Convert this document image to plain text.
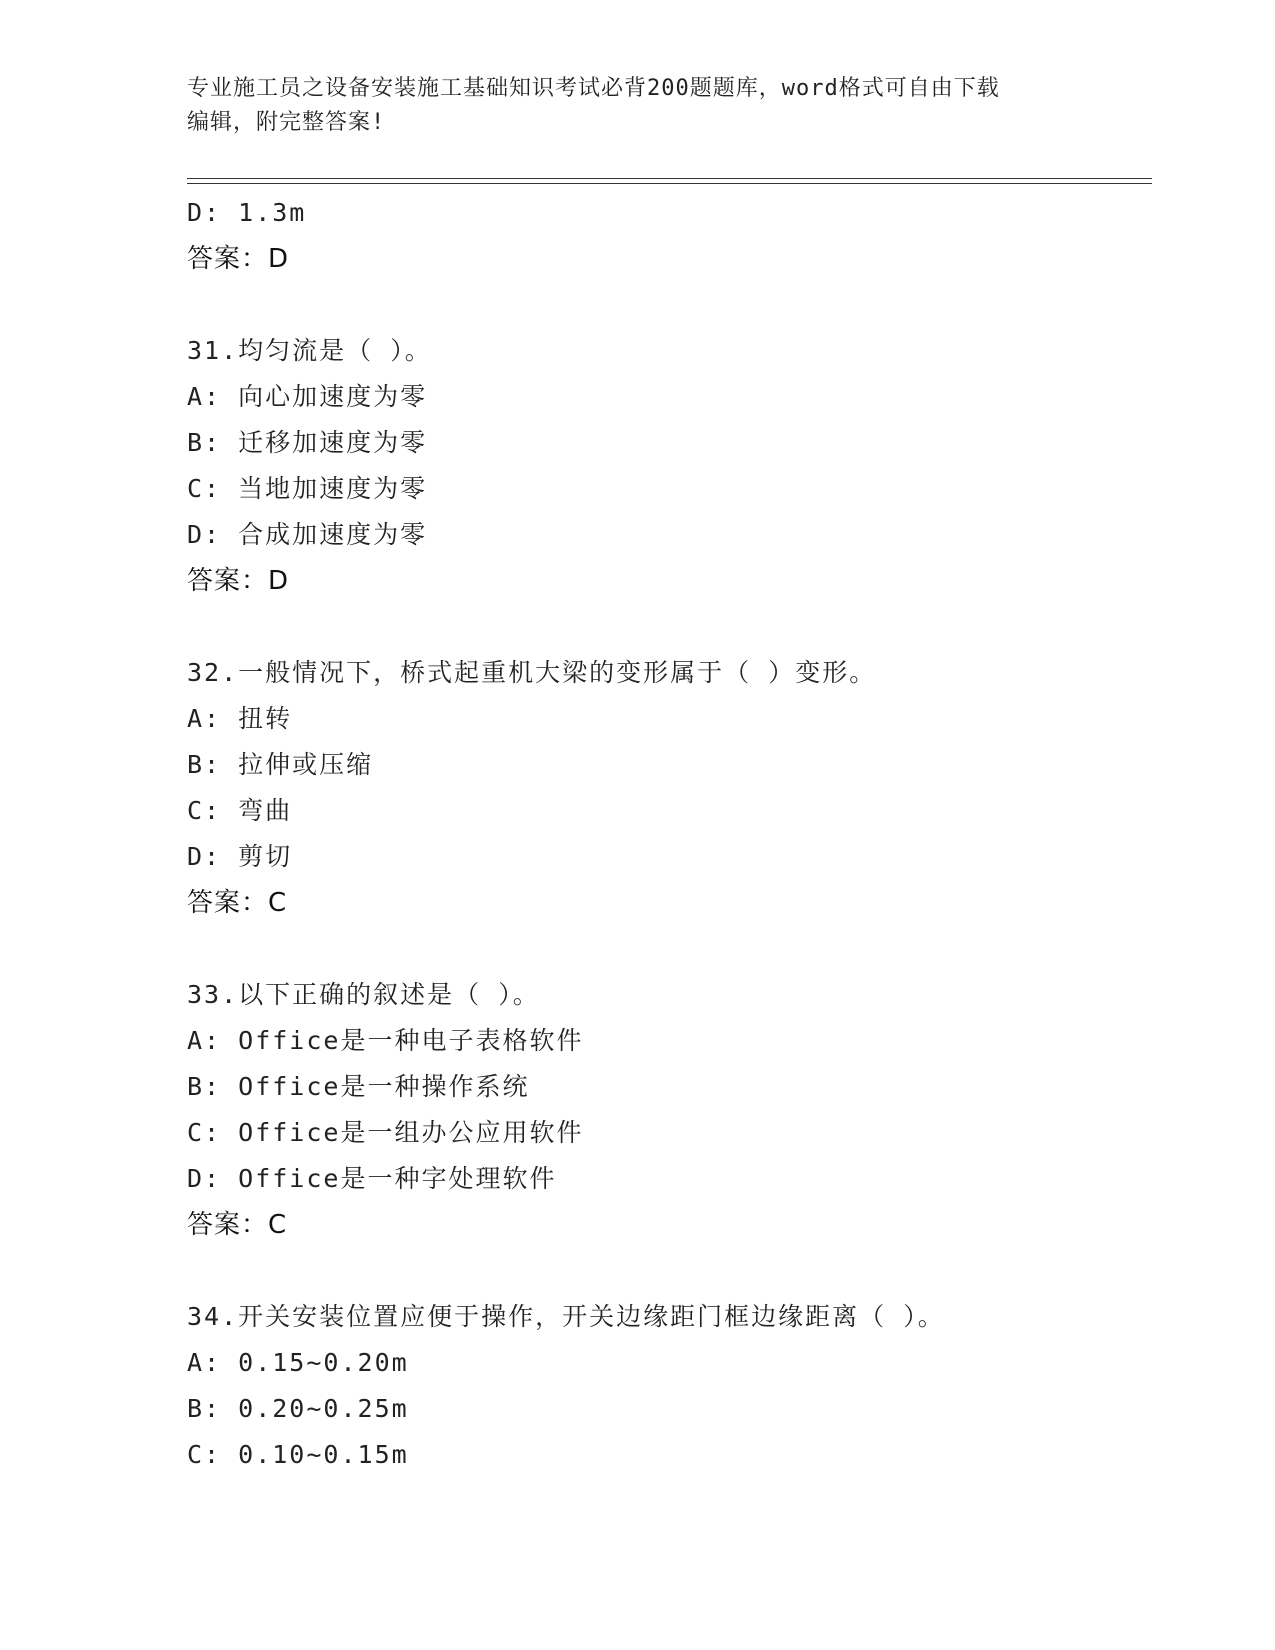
专业施工员之设备安装施工基础知识考试必背200题题库，word格式可自由下载
编辑，附完整答案!
D: 1.3m
答案：D
31.均匀流是（ ）。
A: 向心加速度为零
B: 迁移加速度为零
C: 当地加速度为零
D: 合成加速度为零
答案：D
32.一般情况下，桥式起重机大梁的变形属于（ ）变形。
A: 扭转
B: 拉伸或压缩
C: 弯曲
D: 剪切
答案：C
33.以下正确的叙述是（ ）。
A: Office是一种电子表格软件
B: Office是一种操作系统
C: Office是一组办公应用软件
D: Office是一种字处理软件
答案：C
34.开关安装位置应便于操作，开关边缘距门框边缘距离（ ）。
A: 0.15~0.20m
B: 0.20~0.25m
C: 0.10~0.15m
